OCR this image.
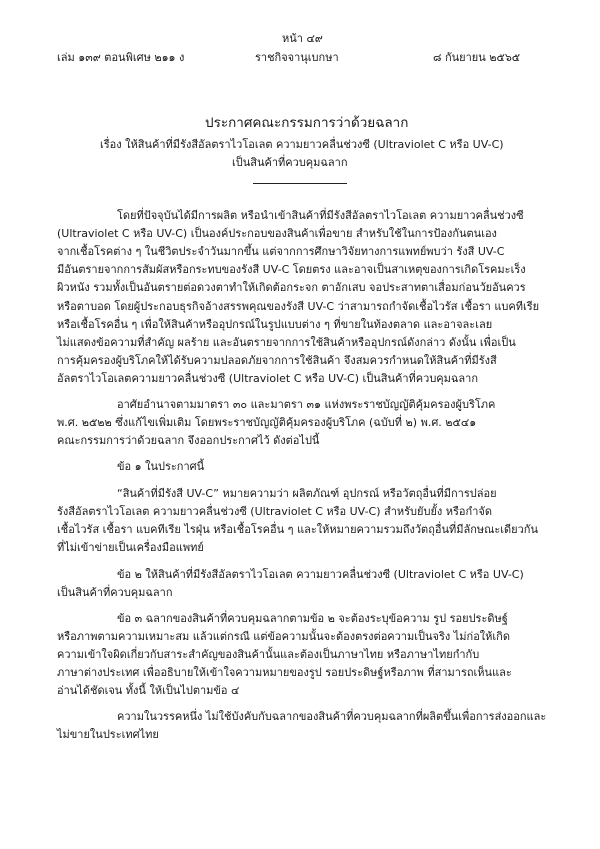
หน้า ๔๙
เล่ม ๑๓๙ ตอนพิเศษ ๒๑๑ ง	ราชกิจจานุเบกษา	๘ กันยายน ๒๕๖๕
ประกาศคณะกรรมการว่าด้วยฉลาก
เรื่อง ให้สินค้าที่มีรังสีอัลตราไวโอเลต ความยาวคลื่นช่วงซี (Ultraviolet C หรือ UV-C)
เป็นสินค้าที่ควบคุมฉลาก
โดยที่ปัจจุบันได้มีการผลิต หรือนำเข้าสินค้าที่มีรังสีอัลตราไวโอเลต ความยาวคลื่นช่วงซี
(Ultraviolet C หรือ UV-C) เป็นองค์ประกอบของสินค้าเพื่อขาย สำหรับใช้ในการป้องกันตนเอง
จากเชื้อโรคต่าง ๆ ในชีวิตประจำวันมากขึ้น แต่จากการศึกษาวิจัยทางการแพทย์พบว่า รังสี UV-C
มีอันตรายจากการสัมผัสหรือกระทบของรังสี UV-C โดยตรง และอาจเป็นสาเหตุของการเกิดโรคมะเร็ง
ผิวหนัง รวมทั้งเป็นอันตรายต่อดวงตาทำให้เกิดต้อกระจก ตาอักเสบ จอประสาทตาเสื่อมก่อนวัยอันควร
หรือตาบอด โดยผู้ประกอบธุรกิจอ้างสรรพคุณของรังสี UV-C ว่าสามารถกำจัดเชื้อไวรัส เชื้อรา แบคทีเรีย
หรือเชื้อโรคอื่น ๆ เพื่อให้สินค้าหรืออุปกรณ์ในรูปแบบต่าง ๆ ที่ขายในท้องตลาด และอาจละเลย
ไม่แสดงข้อความที่สำคัญ ผลร้าย และอันตรายจากการใช้สินค้าหรืออุปกรณ์ดังกล่าว ดังนั้น เพื่อเป็น
การคุ้มครองผู้บริโภคให้ได้รับความปลอดภัยจากการใช้สินค้า จึงสมควรกำหนดให้สินค้าที่มีรังสี
อัลตราไวโอเลตความยาวคลื่นช่วงซี (Ultraviolet C หรือ UV-C) เป็นสินค้าที่ควบคุมฉลาก
อาศัยอำนาจตามมาตรา ๓๐ และมาตรา ๓๑ แห่งพระราชบัญญัติคุ้มครองผู้บริโภค
พ.ศ. ๒๕๒๒ ซึ่งแก้ไขเพิ่มเติม โดยพระราชบัญญัติคุ้มครองผู้บริโภค (ฉบับที่ ๒) พ.ศ. ๒๕๔๑
คณะกรรมการว่าด้วยฉลาก จึงออกประกาศไว้ ดังต่อไปนี้
ข้อ ๑ ในประกาศนี้
“สินค้าที่มีรังสี UV-C” หมายความว่า ผลิตภัณฑ์ อุปกรณ์ หรือวัตถุอื่นที่มีการปล่อย
รังสีอัลตราไวโอเลต ความยาวคลื่นช่วงซี (Ultraviolet C หรือ UV-C) สำหรับยับยั้ง หรือกำจัด
เชื้อไวรัส เชื้อรา แบคทีเรีย ไรฝุ่น หรือเชื้อโรคอื่น ๆ และให้หมายความรวมถึงวัตถุอื่นที่มีลักษณะเดียวกัน
ที่ไม่เข้าข่ายเป็นเครื่องมือแพทย์
ข้อ ๒ ให้สินค้าที่มีรังสีอัลตราไวโอเลต ความยาวคลื่นช่วงซี (Ultraviolet C หรือ UV-C)
เป็นสินค้าที่ควบคุมฉลาก
ข้อ ๓ ฉลากของสินค้าที่ควบคุมฉลากตามข้อ ๒ จะต้องระบุข้อความ รูป รอยประดิษฐ์
หรือภาพตามความเหมาะสม แล้วแต่กรณี แต่ข้อความนั้นจะต้องตรงต่อความเป็นจริง ไม่ก่อให้เกิด
ความเข้าใจผิดเกี่ยวกับสาระสำคัญของสินค้านั้นและต้องเป็นภาษาไทย หรือภาษาไทยกำกับ
ภาษาต่างประเทศ เพื่ออธิบายให้เข้าใจความหมายของรูป รอยประดิษฐ์หรือภาพ ที่สามารถเห็นและ
อ่านได้ชัดเจน ทั้งนี้ ให้เป็นไปตามข้อ ๔
ความในวรรคหนึ่ง ไม่ใช้บังคับกับฉลากของสินค้าที่ควบคุมฉลากที่ผลิตขึ้นเพื่อการส่งออกและ
ไม่ขายในประเทศไทย
